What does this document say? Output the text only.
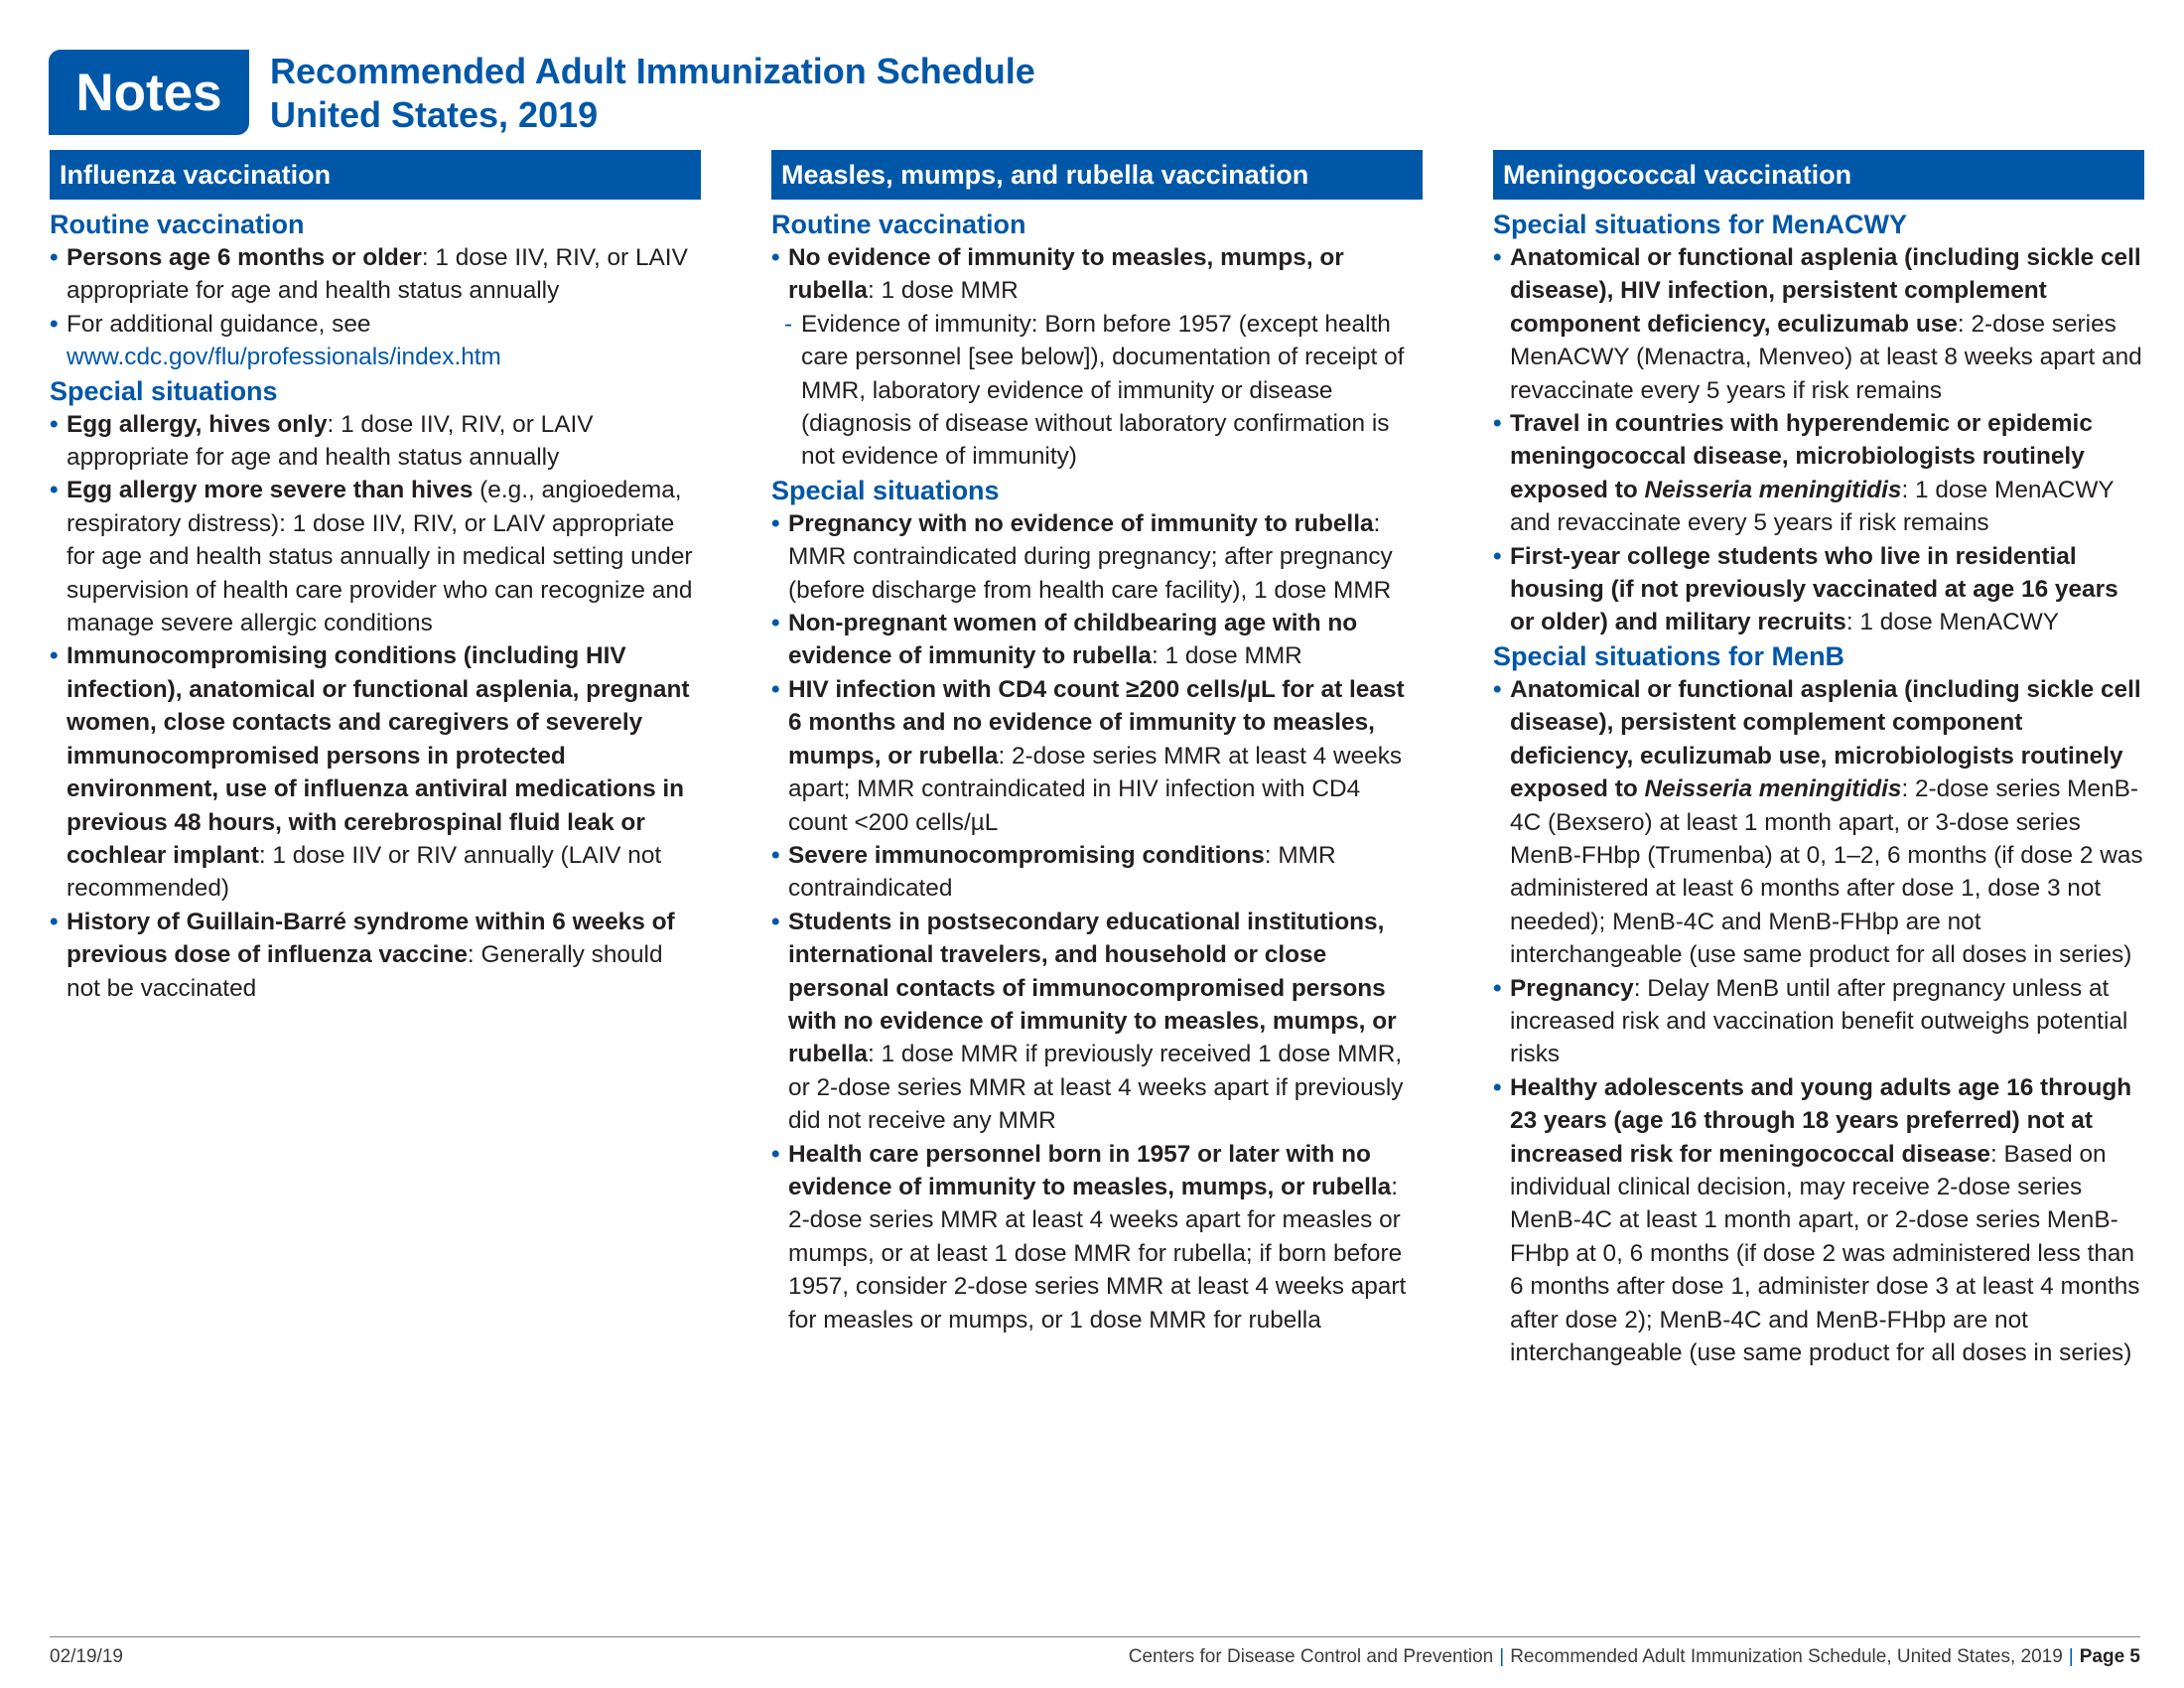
Notes	Recommended Adult Immunization Schedule
United States, 2019
Influenza vaccination
Routine vaccination
• Persons age 6 months or older: 1 dose IIV, RIV, or LAIV appropriate for age and health status annually
• For additional guidance, see www.cdc.gov/flu/professionals/index.htm
Special situations
• Egg allergy, hives only: 1 dose IIV, RIV, or LAIV appropriate for age and health status annually
• Egg allergy more severe than hives (e.g., angioedema, respiratory distress): 1 dose IIV, RIV, or LAIV appropriate for age and health status annually in medical setting under supervision of health care provider who can recognize and manage severe allergic conditions
• Immunocompromising conditions (including HIV infection), anatomical or functional asplenia, pregnant women, close contacts and caregivers of severely immunocompromised persons in protected environment, use of influenza antiviral medications in previous 48 hours, with cerebrospinal fluid leak or cochlear implant: 1 dose IIV or RIV annually (LAIV not recommended)
• History of Guillain-Barré syndrome within 6 weeks of previous dose of influenza vaccine: Generally should not be vaccinated
Measles, mumps, and rubella vaccination
Routine vaccination
• No evidence of immunity to measles, mumps, or rubella: 1 dose MMR
- Evidence of immunity: Born before 1957 (except health care personnel [see below]), documentation of receipt of MMR, laboratory evidence of immunity or disease (diagnosis of disease without laboratory confirmation is not evidence of immunity)
Special situations
• Pregnancy with no evidence of immunity to rubella: MMR contraindicated during pregnancy; after pregnancy (before discharge from health care facility), 1 dose MMR
• Non-pregnant women of childbearing age with no evidence of immunity to rubella: 1 dose MMR
• HIV infection with CD4 count ≥200 cells/µL for at least 6 months and no evidence of immunity to measles, mumps, or rubella: 2-dose series MMR at least 4 weeks apart; MMR contraindicated in HIV infection with CD4 count <200 cells/µL
• Severe immunocompromising conditions: MMR contraindicated
• Students in postsecondary educational institutions, international travelers, and household or close personal contacts of immunocompromised persons with no evidence of immunity to measles, mumps, or rubella: 1 dose MMR if previously received 1 dose MMR, or 2-dose series MMR at least 4 weeks apart if previously did not receive any MMR
• Health care personnel born in 1957 or later with no evidence of immunity to measles, mumps, or rubella: 2-dose series MMR at least 4 weeks apart for measles or mumps, or at least 1 dose MMR for rubella; if born before 1957, consider 2-dose series MMR at least 4 weeks apart for measles or mumps, or 1 dose MMR for rubella
Meningococcal vaccination
Special situations for MenACWY
• Anatomical or functional asplenia (including sickle cell disease), HIV infection, persistent complement component deficiency, eculizumab use: 2-dose series MenACWY (Menactra, Menveo) at least 8 weeks apart and revaccinate every 5 years if risk remains
• Travel in countries with hyperendemic or epidemic meningococcal disease, microbiologists routinely exposed to Neisseria meningitidis: 1 dose MenACWY and revaccinate every 5 years if risk remains
• First-year college students who live in residential housing (if not previously vaccinated at age 16 years or older) and military recruits: 1 dose MenACWY
Special situations for MenB
• Anatomical or functional asplenia (including sickle cell disease), persistent complement component deficiency, eculizumab use, microbiologists routinely exposed to Neisseria meningitidis: 2-dose series MenB-4C (Bexsero) at least 1 month apart, or 3-dose series MenB-FHbp (Trumenba) at 0, 1–2, 6 months (if dose 2 was administered at least 6 months after dose 1, dose 3 not needed); MenB-4C and MenB-FHbp are not interchangeable (use same product for all doses in series)
• Pregnancy: Delay MenB until after pregnancy unless at increased risk and vaccination benefit outweighs potential risks
• Healthy adolescents and young adults age 16 through 23 years (age 16 through 18 years preferred) not at increased risk for meningococcal disease: Based on individual clinical decision, may receive 2-dose series MenB-4C at least 1 month apart, or 2-dose series MenB-FHbp at 0, 6 months (if dose 2 was administered less than 6 months after dose 1, administer dose 3 at least 4 months after dose 2); MenB-4C and MenB-FHbp are not interchangeable (use same product for all doses in series)
02/19/19	Centers for Disease Control and Prevention | Recommended Adult Immunization Schedule, United States, 2019 | Page 5
